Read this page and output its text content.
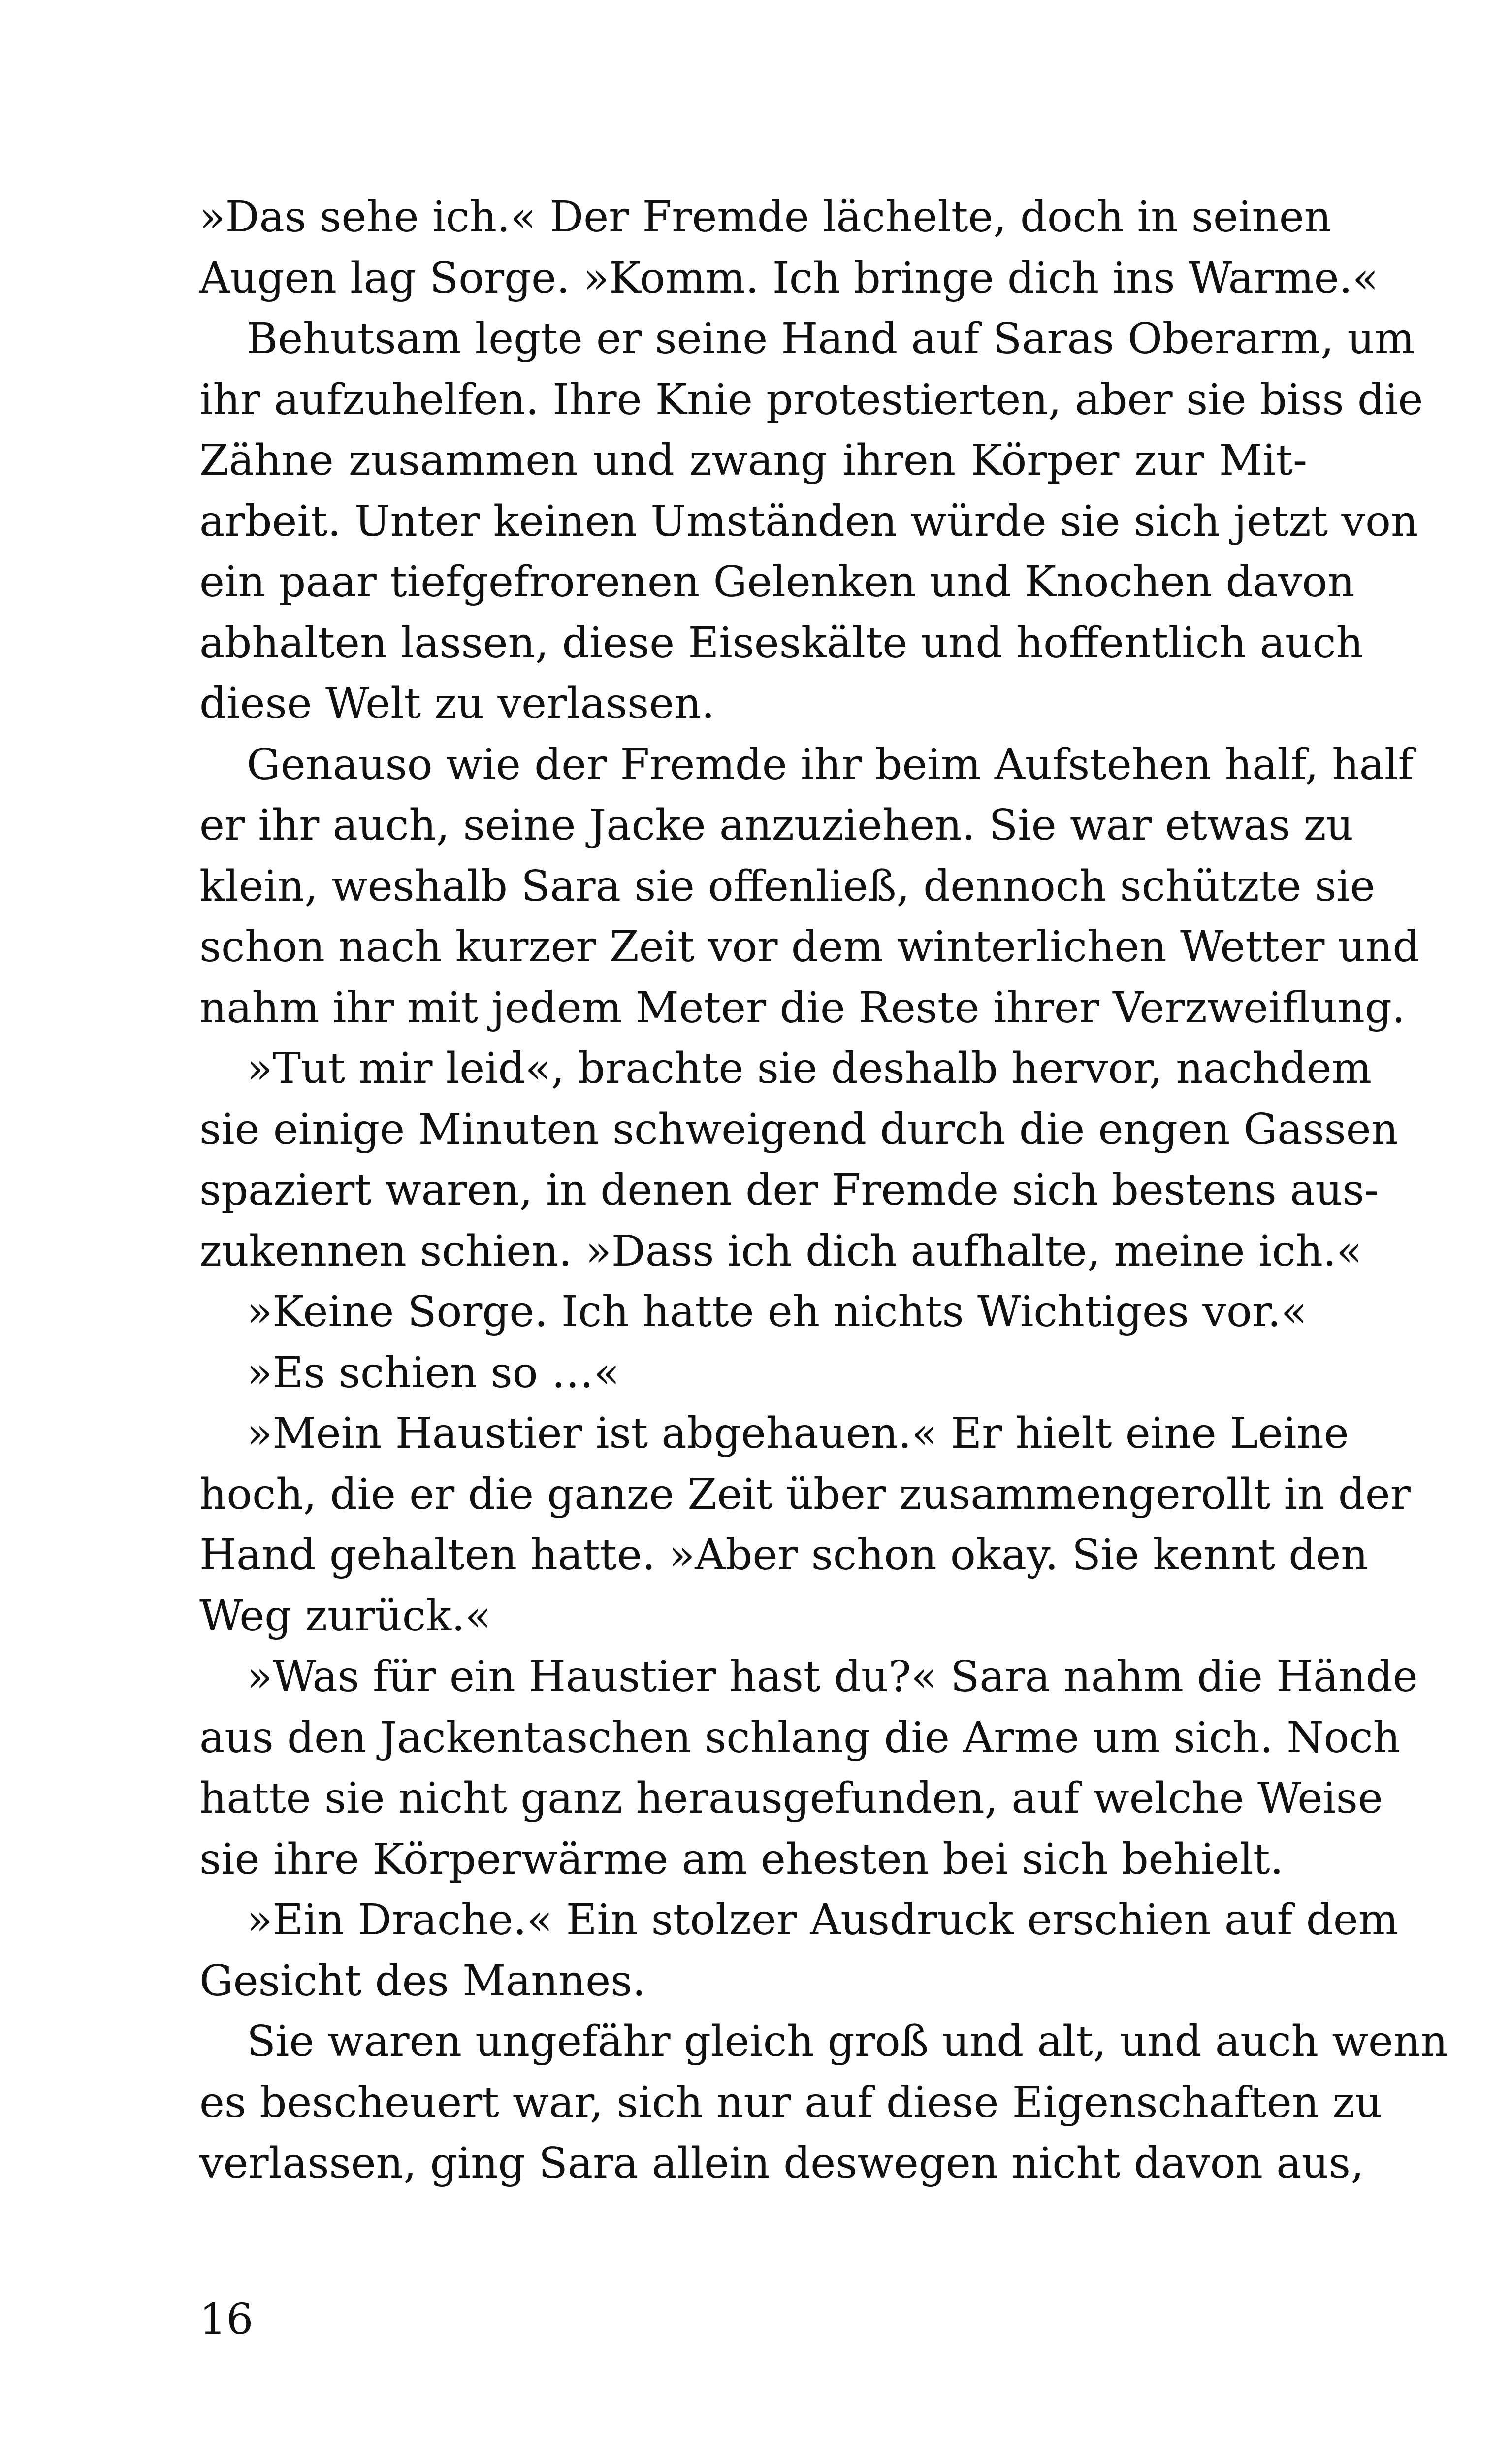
»Das sehe ich.« Der Fremde lächelte, doch in seinen
Augen lag Sorge. »Komm. Ich bringe dich ins Warme.«
Behutsam legte er seine Hand auf Saras Oberarm, um
ihr aufzuhelfen. Ihre Knie protestierten, aber sie biss die
Zähne zusammen und zwang ihren Körper zur Mit-
arbeit. Unter keinen Umständen würde sie sich jetzt von
ein paar tiefgefrorenen Gelenken und Knochen davon
abhalten lassen, diese Eiseskälte und hoffentlich auch
diese Welt zu verlassen.
Genauso wie der Fremde ihr beim Aufstehen half, half
er ihr auch, seine Jacke anzuziehen. Sie war etwas zu
klein, weshalb Sara sie offenließ, dennoch schützte sie
schon nach kurzer Zeit vor dem winterlichen Wetter und
nahm ihr mit jedem Meter die Reste ihrer Verzweiflung.
»Tut mir leid«, brachte sie deshalb hervor, nachdem
sie einige Minuten schweigend durch die engen Gassen
spaziert waren, in denen der Fremde sich bestens aus-
zukennen schien. »Dass ich dich aufhalte, meine ich.«
»Keine Sorge. Ich hatte eh nichts Wichtiges vor.«
»Es schien so …«
»Mein Haustier ist abgehauen.« Er hielt eine Leine
hoch, die er die ganze Zeit über zusammengerollt in der
Hand gehalten hatte. »Aber schon okay. Sie kennt den
Weg zurück.«
»Was für ein Haustier hast du?« Sara nahm die Hände
aus den Jackentaschen schlang die Arme um sich. Noch
hatte sie nicht ganz herausgefunden, auf welche Weise
sie ihre Körperwärme am ehesten bei sich behielt.
»Ein Drache.« Ein stolzer Ausdruck erschien auf dem
Gesicht des Mannes.
Sie waren ungefähr gleich groß und alt, und auch wenn
es bescheuert war, sich nur auf diese Eigenschaften zu
verlassen, ging Sara allein deswegen nicht davon aus,
16
